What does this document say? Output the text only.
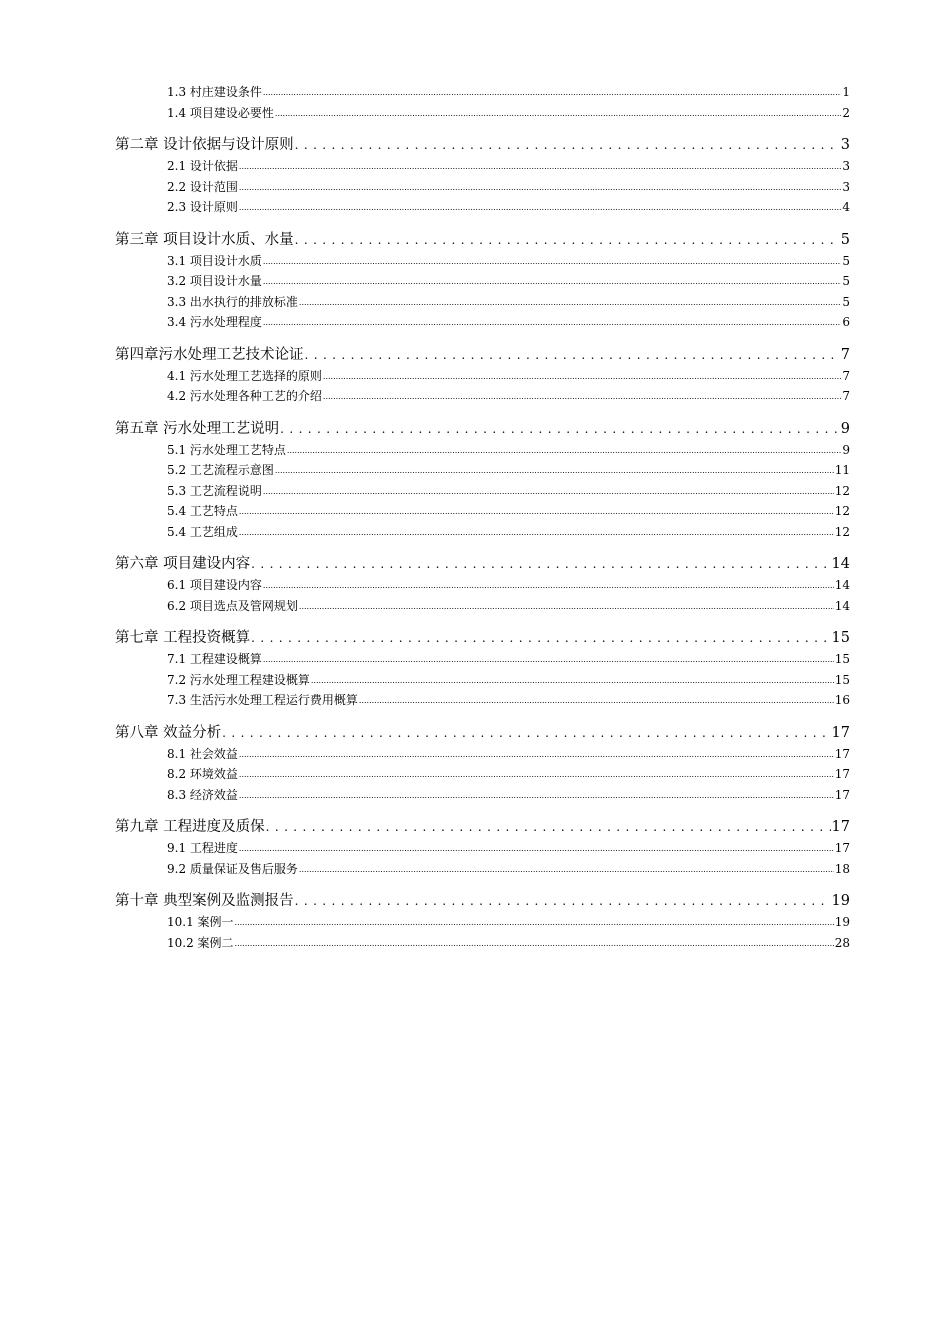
1.3 村庄建设条件 .....	1
1.4 项目建设必要性 .....	2
第二章 设计依据与设计原则 . . .	3
2.1 设计依据 .....	3
2.2 设计范围 .....	3
2.3 设计原则 .....	4
第三章 项目设计水质、水量 . . .	5
3.1 项目设计水质 .....	5
3.2 项目设计水量 .....	5
3.3 出水执行的排放标准 .....	5
3.4 污水处理程度 .....	6
第四章污水处理工艺技术论证 . . .	7
4.1 污水处理工艺选择的原则 .....	7
4.2 污水处理各种工艺的介绍 .....	7
第五章 污水处理工艺说明 . . .	9
5.1 污水处理工艺特点 .....	9
5.2 工艺流程示意图 .....	11
5.3 工艺流程说明 .....	12
5.4 工艺特点 .....	12
5.4 工艺组成 .....	12
第六章 项目建设内容 . . .	14
6.1 项目建设内容 .....	14
6.2 项目选点及管网规划 .....	14
第七章 工程投资概算 . . .	15
7.1 工程建设概算 .....	15
7.2 污水处理工程建设概算 .....	15
7.3 生活污水处理工程运行费用概算 .....	16
第八章 效益分析 . . .	17
8.1 社会效益 .....	17
8.2 环境效益 .....	17
8.3 经济效益 .....	17
第九章 工程进度及质保 . . .	17
9.1 工程进度 .....	17
9.2 质量保证及售后服务 .....	18
第十章 典型案例及监测报告 . . .	19
10.1 案例一 .....	19
10.2 案例二 .....	28
